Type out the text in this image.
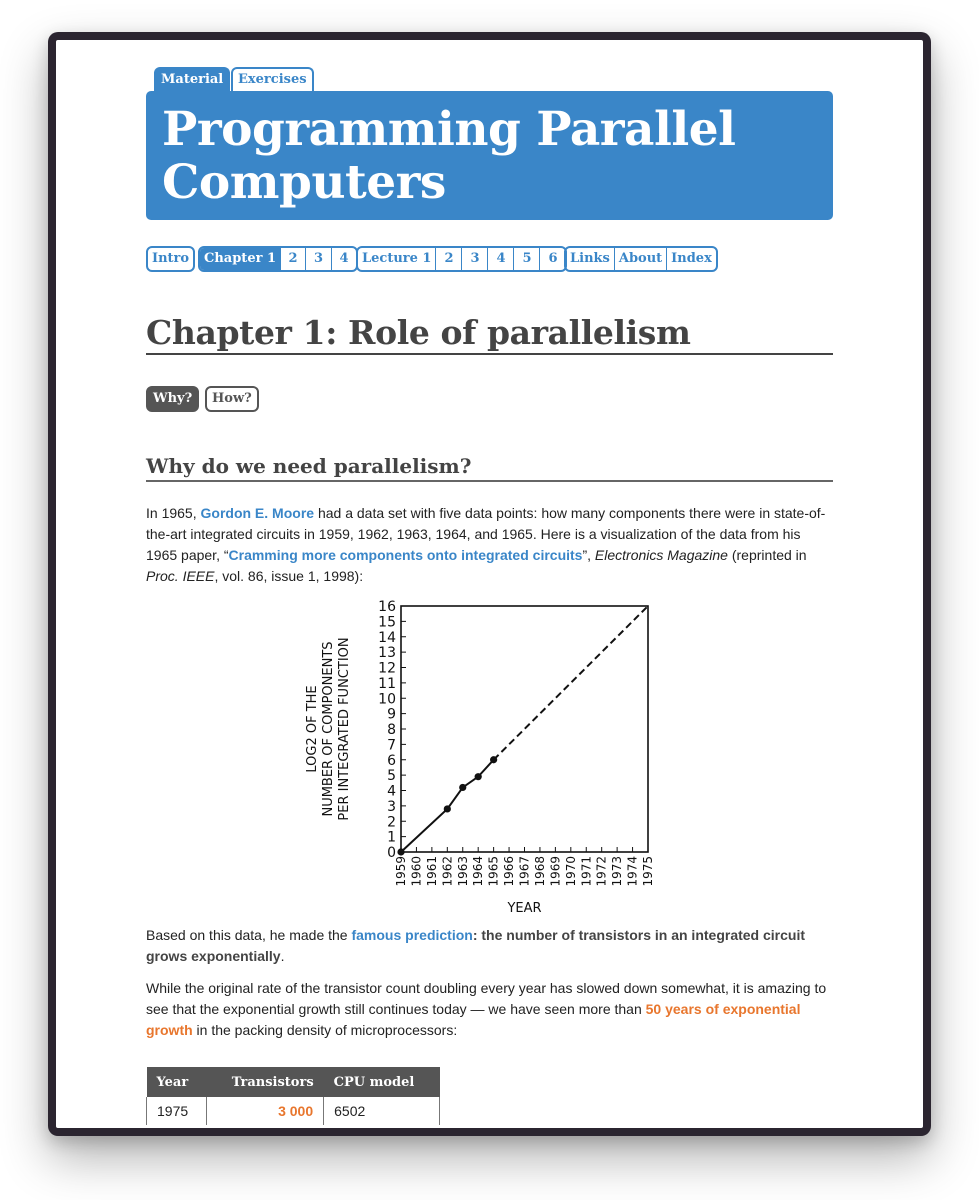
Material	Exercises
Programming Parallel Computers
Intro	Chapter 1 2	3	4	Lecture 1 2	3	4	5	6 Links About Index
Chapter 1: Role of parallelism
Why?	How?
Why do we need parallelism?
In 1965, Gordon E. Moore had a data set with five data points: how many components there were in state-of-the-art integrated circuits in 1959, 1962, 1963, 1964, and 1965. Here is a visualization of the data from his 1965 paper, “Cramming more components onto integrated circuits”, Electronics Magazine (reprinted in Proc. IEEE, vol. 86, issue 1, 1998):
0
1
2
3
4
5
6
7
8
9
10
11
12
13
14
15
16
1959 1960 1961 1962 1963 1964 1965 1966 1967 1968 1969 1970 1971 1972 1973 1974 1975
YEAR
LOG2 OF THE NUMBER OF COMPONENTS PER INTEGRATED FUNCTION
Based on this data, he made the famous prediction: the number of transistors in an integrated circuit grows exponentially.
While the original rate of the transistor count doubling every year has slowed down somewhat, it is amazing to see that the exponential growth still continues today — we have seen more than 50 years of exponential growth in the packing density of microprocessors:
Year	Transistors	CPU model
1975	3 000	6502
